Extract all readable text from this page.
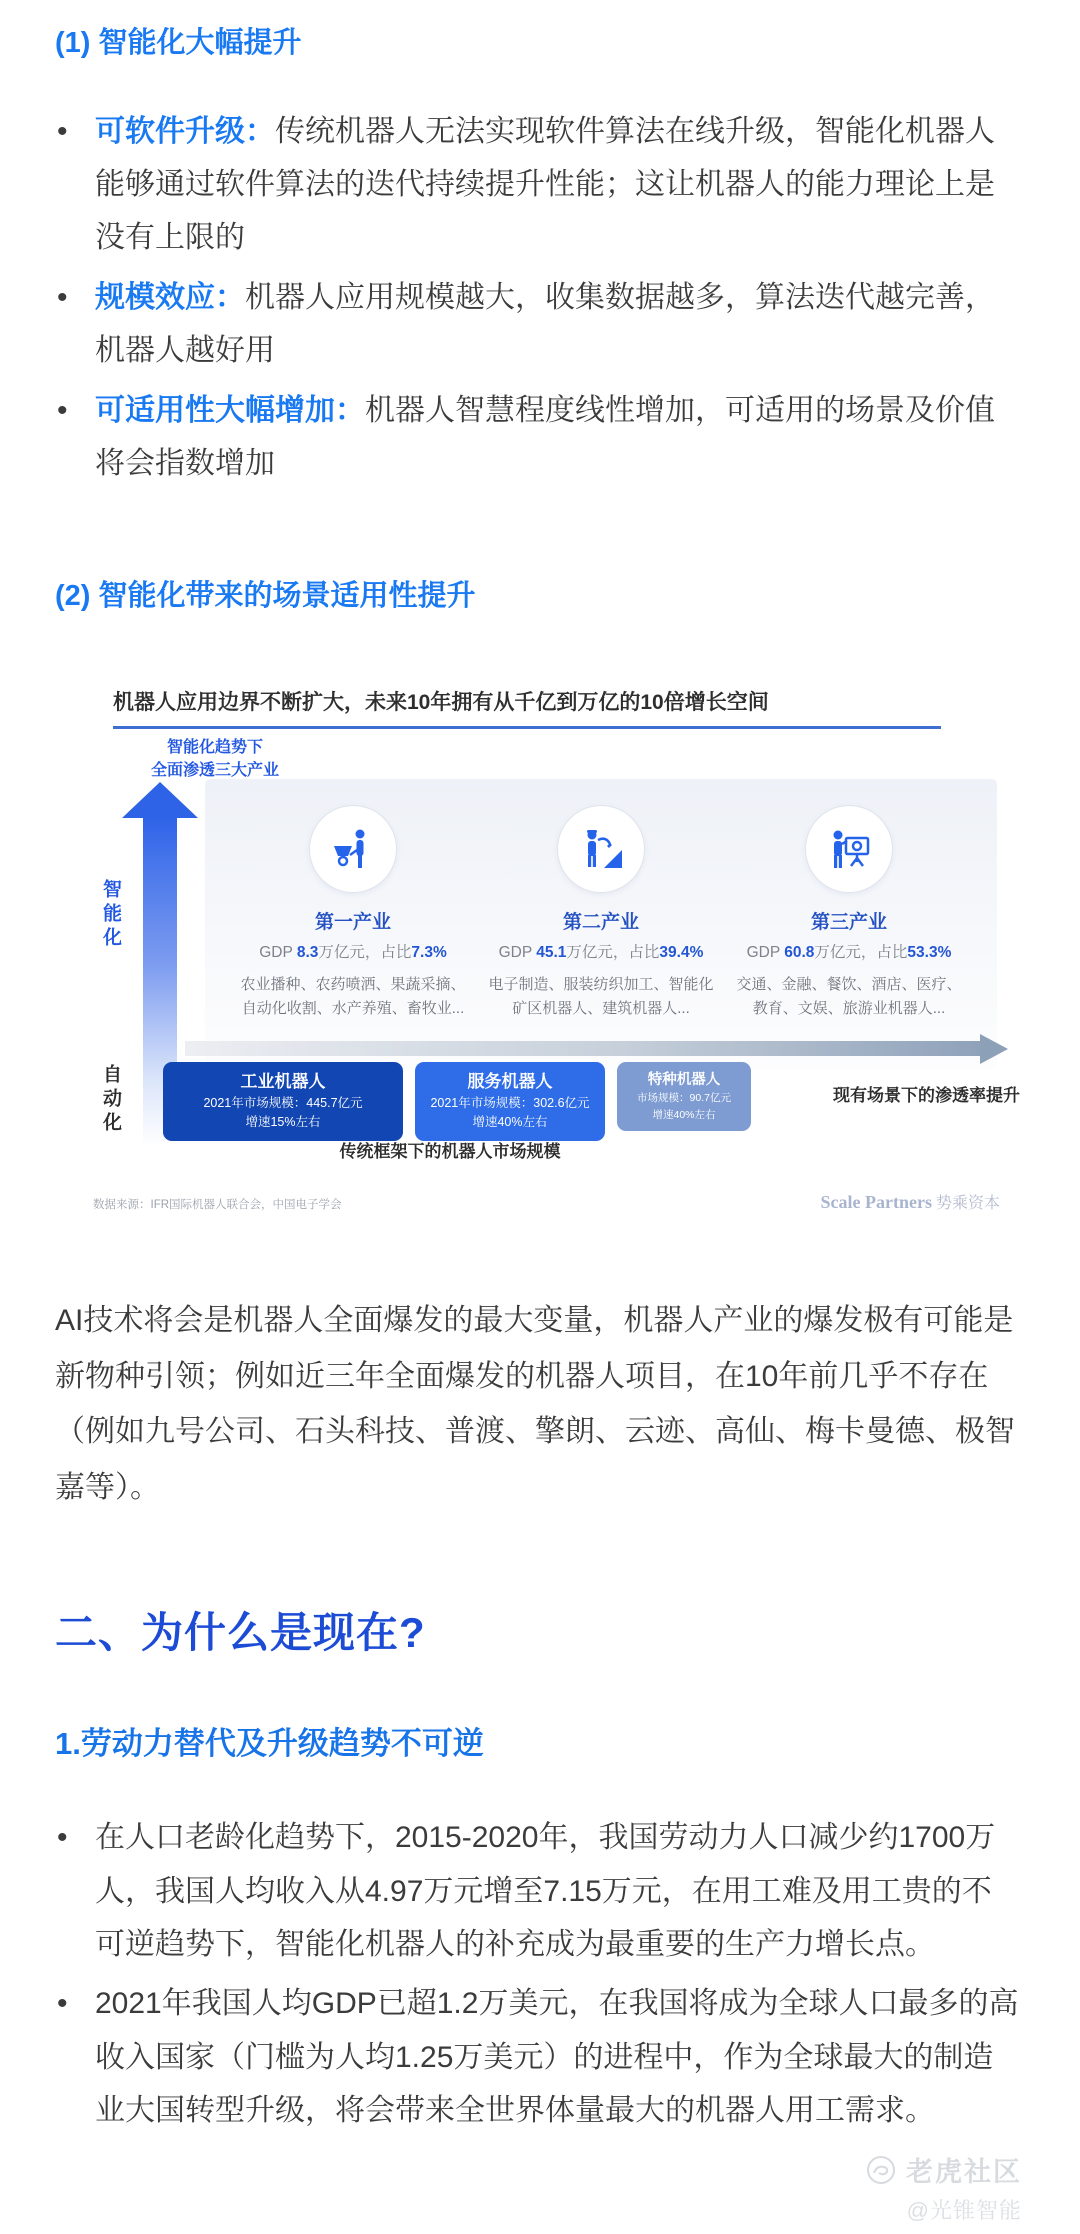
(1) 智能化大幅提升
• 可软件升级：传统机器人无法实现软件算法在线升级，智能化机器人能够通过软件算法的迭代持续提升性能；这让机器人的能力理论上是没有上限的
• 规模效应：机器人应用规模越大，收集数据越多，算法迭代越完善，机器人越好用
• 可适用性大幅增加：机器人智慧程度线性增加，可适用的场景及价值将会指数增加
(2) 智能化带来的场景适用性提升
机器人应用边界不断扩大，未来10年拥有从千亿到万亿的10倍增长空间
智能化趋势下
全面渗透三大产业
智能化
自动化
第一产业
GDP 8.3万亿元，占比7.3%
农业播种、农药喷洒、果蔬采摘、
自动化收割、水产养殖、畜牧业...
第二产业
GDP 45.1万亿元，占比39.4%
电子制造、服装纺织加工、智能化
矿区机器人、建筑机器人...
第三产业
GDP 60.8万亿元，占比53.3%
交通、金融、餐饮、酒店、医疗、
教育、文娱、旅游业机器人...
工业机器人
2021年市场规模：445.7亿元
增速15%左右
服务机器人
2021年市场规模：302.6亿元
增速40%左右
特种机器人
市场规模：90.7亿元
增速40%左右
现有场景下的渗透率提升
传统框架下的机器人市场规模
数据来源：IFR国际机器人联合会，中国电子学会	Scale Partners 势乘资本
AI技术将会是机器人全面爆发的最大变量，机器人产业的爆发极有可能是新物种引领；例如近三年全面爆发的机器人项目，在10年前几乎不存在（例如九号公司、石头科技、普渡、擎朗、云迹、高仙、梅卡曼德、极智嘉等）。
二、为什么是现在?
1.劳动力替代及升级趋势不可逆
• 在人口老龄化趋势下，2015-2020年，我国劳动力人口减少约1700万人，我国人均收入从4.97万元增至7.15万元，在用工难及用工贵的不可逆趋势下，智能化机器人的补充成为最重要的生产力增长点。
• 2021年我国人均GDP已超1.2万美元，在我国将成为全球人口最多的高收入国家（门槛为人均1.25万美元）的进程中，作为全球最大的制造业大国转型升级，将会带来全世界体量最大的机器人用工需求。
老虎社区
@光锥智能
